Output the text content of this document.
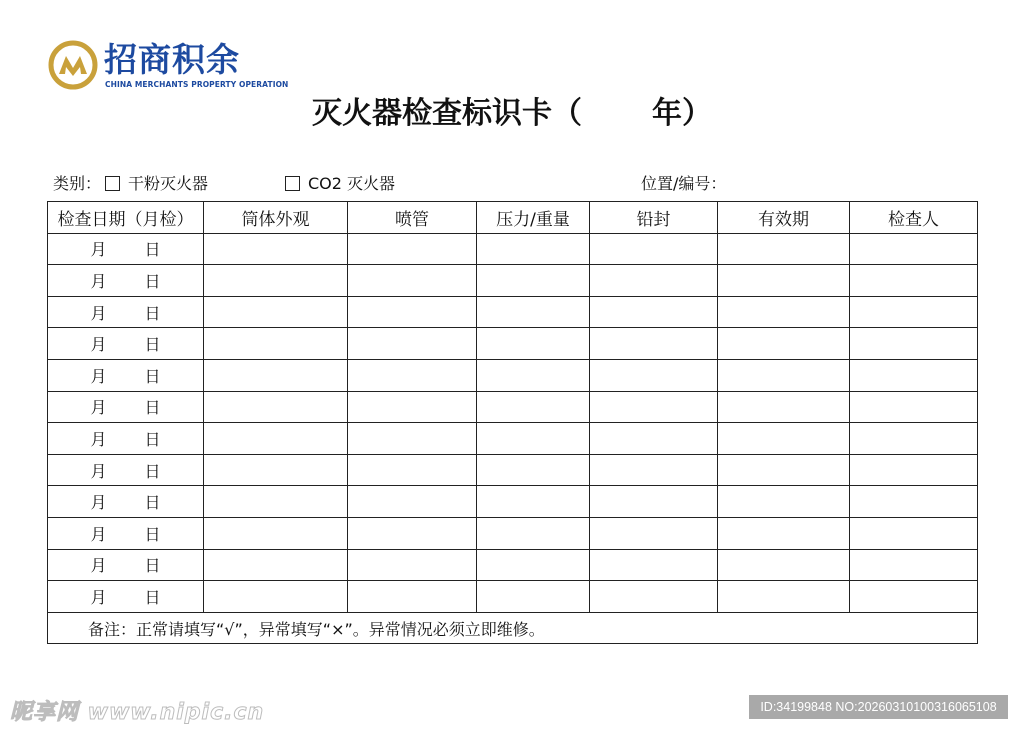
招商积余
CHINA MERCHANTS PROPERTY OPERATION
灭火器检查标识卡（ 年）
类别： 干粉灭火器	CO2 灭火器	位置/编号：
检查日期（月检）	筒体外观	喷管	压力/重量	铅封	有效期	检查人
月 日						
月 日						
月 日						
月 日						
月 日						
月 日						
月 日						
月 日						
月 日						
月 日						
月 日						
月 日						
备注：正常请填写“√”，异常填写“×”。异常情况必须立即维修。						
昵享网 www.nipic.cn	ID:34199848 NO:20260310100316065108
